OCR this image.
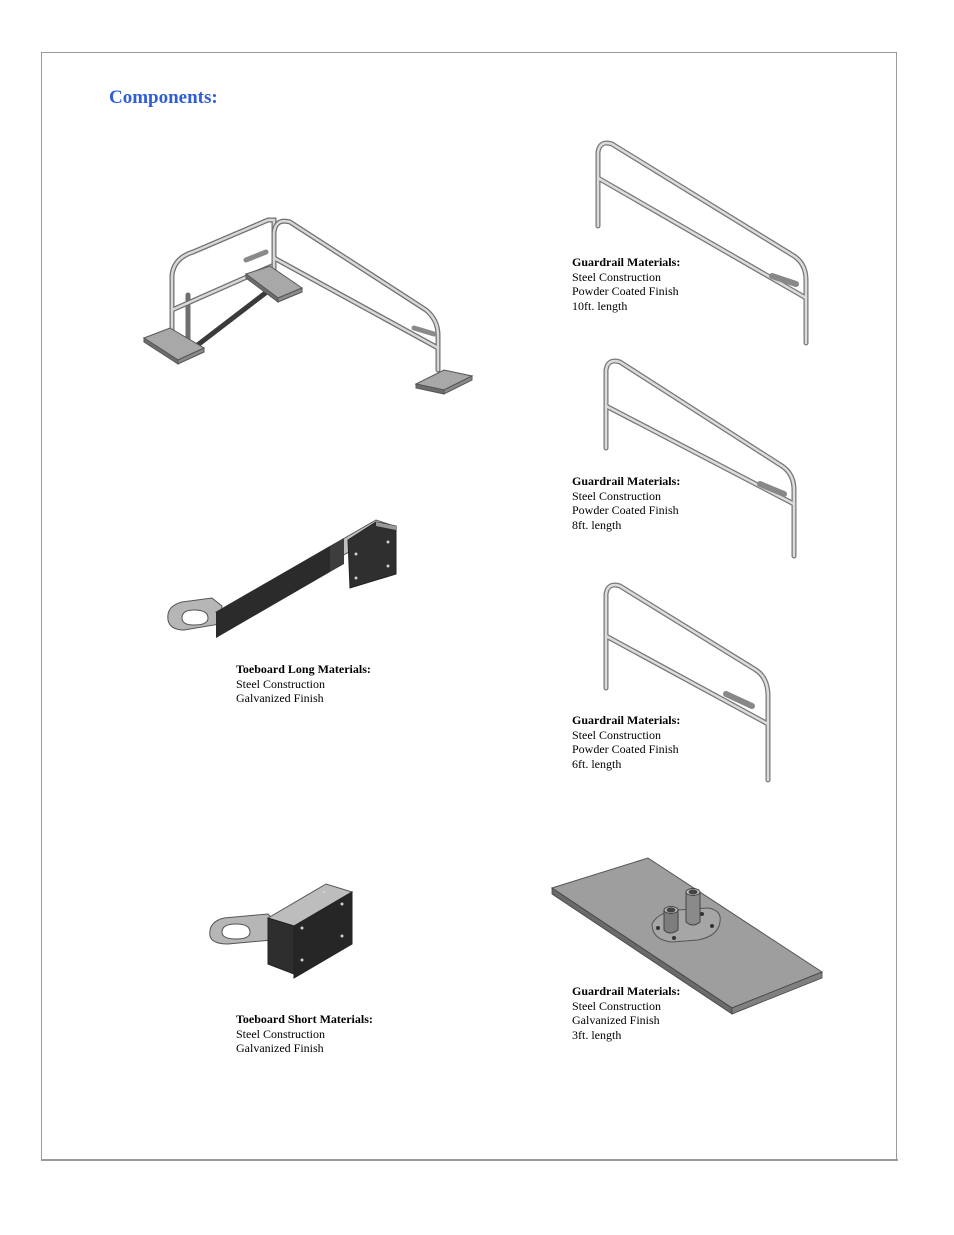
Components:
Guardrail Materials:
Steel Construction
Powder Coated Finish
10ft. length
Guardrail Materials:
Steel Construction
Powder Coated Finish
8ft. length
Toeboard Long Materials:
Steel Construction
Galvanized Finish
Guardrail Materials:
Steel Construction
Powder Coated Finish
6ft. length
Guardrail Materials:
Steel Construction
Galvanized Finish
3ft. length
Toeboard Short Materials:
Steel Construction
Galvanized Finish
